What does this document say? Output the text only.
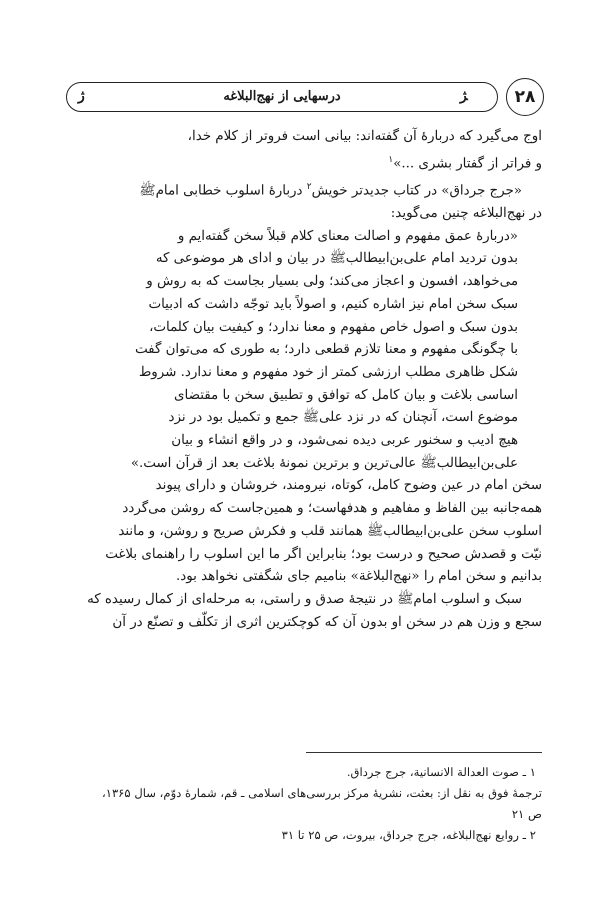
ﮊ	درسهایی از نهج‌البلاغه	ﮋ	۲۸

اوج می‌گیرد که دربارهٔ آن گفته‌اند: بیانی است فروتر از کلام خدا،
و فراتر از گفتار بشری ...»$^۱$

«جرج جرداق» در کتاب جدیدتر خویش$^۲$ دربارهٔ اسلوب خطابی امامﷺ
در نهج‌البلاغه چنین می‌گوید:

«دربارهٔ عمق مفهوم و اصالت معنای کلام قبلاً سخن گفته‌ایم و
بدون تردید امام علی‌بن‌ابیطالبﷺ در بیان و ادای هر موضوعی که
می‌خواهد، افسون و اعجاز می‌کند؛ ولی بسیار بجاست که به روش و
سبک سخن امام نیز اشاره کنیم، و اصولاً باید توجّه داشت که ادبیات
بدون سبک و اصول خاص مفهوم و معنا ندارد؛ و کیفیت بیان کلمات،
با چگونگی مفهوم و معنا تلازم قطعی دارد؛ به طوری که می‌توان گفت
شکل ظاهری مطلب ارزشی کمتر از خود مفهوم و معنا ندارد. شروط
اساسی بلاغت و بیان کامل که توافق و تطبیق سخن با مقتضای
موضوع است، آنچنان که در نزد علیﷺ جمع و تکمیل بود در نزد
هیچ ادیب و سخنور عربی دیده نمی‌شود، و در واقع انشاء و بیان
علی‌بن‌ابیطالبﷺ عالی‌ترین و برترین نمونهٔ بلاغت بعد از قرآن است.»

سخن امام در عین وضوح کامل، کوتاه، نیرومند، خروشان و دارای پیوند
همه‌جانبه بین الفاظ و مفاهیم و هدفهاست؛ و همین‌جاست که روشن می‌گردد
اسلوب سخن علی‌بن‌ابیطالبﷺ همانند قلب و فکرش صریح و روشن، و مانند
نیّت و قصدش صحیح و درست بود؛ بنابراین اگر ما این اسلوب را راهنمای بلاغت
بدانیم و سخن امام را «نهج‌البلاغة» بنامیم جای شگفتی نخواهد بود.

سبک و اسلوب امامﷺ در نتیجهٔ صدق و راستی، به مرحله‌ای از کمال رسیده که
سجع و وزن هم در سخن او بدون آن که کوچکترین اثری از تکلّف و تصنّع در آن

۱ ـ صوت العدالة الانسانیة، جرج جرداق.

ترجمهٔ فوق به نقل از: بعثت، نشریهٔ مرکز بررسی‌های اسلامی ـ قم، شمارهٔ دوّم، سال ۱۳۶۵،

ص ۲۱

۲ ـ روایع نهج‌البلاغه، جرج جرداق، بیروت، ص ۲۵ تا ۳۱
